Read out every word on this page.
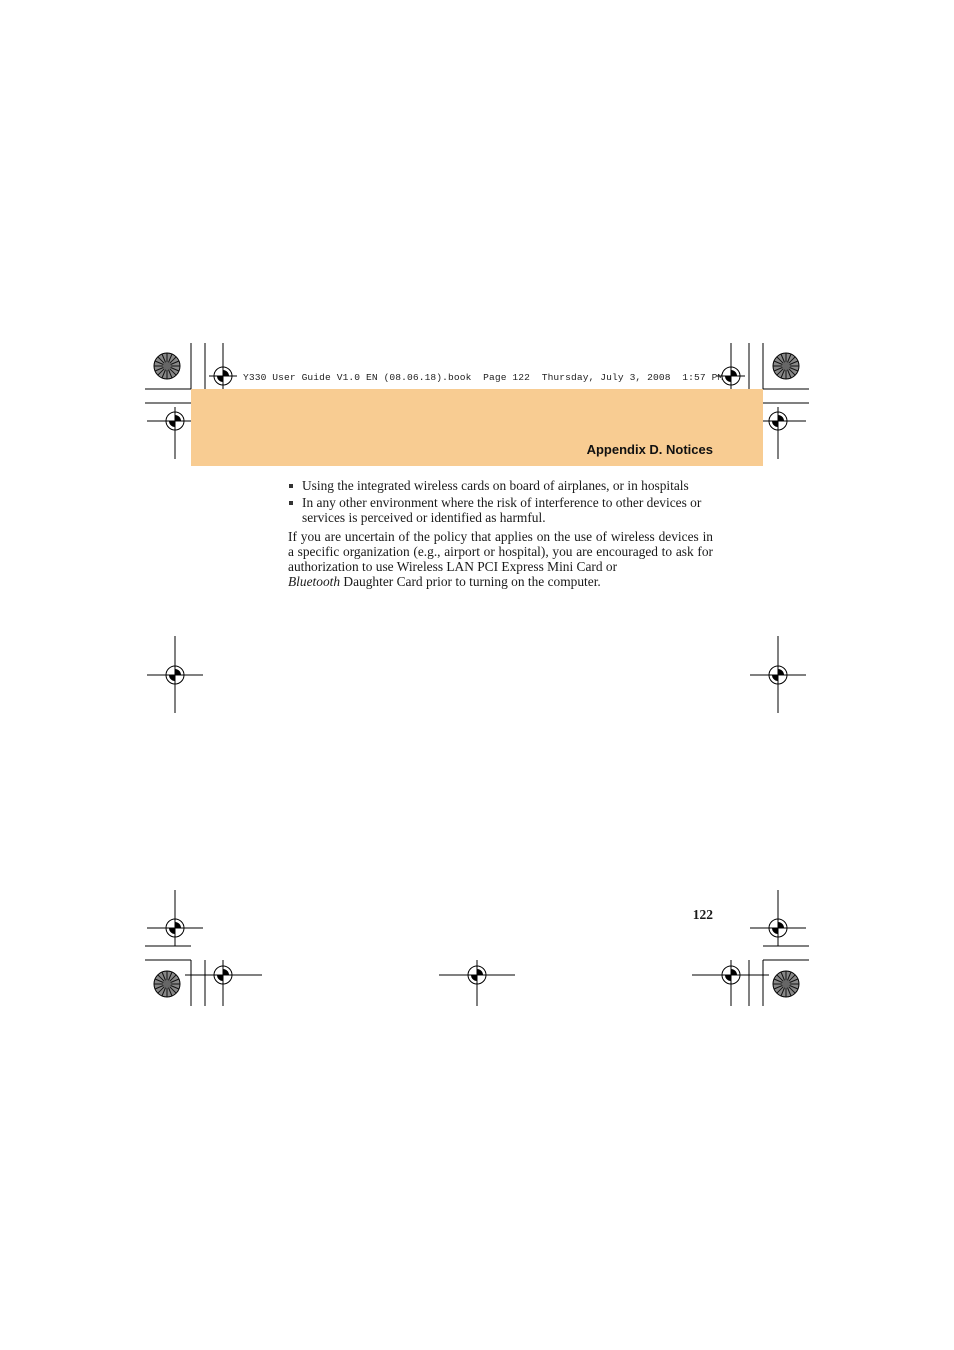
Y330 User Guide V1.0 EN (08.06.18).book  Page 122  Thursday, July 3, 2008  1:57 PM
Appendix D. Notices
Using the integrated wireless cards on board of airplanes, or in hospitals
In any other environment where the risk of interference to other devices or services is perceived or identified as harmful.

If you are uncertain of the policy that applies on the use of wireless devices in a specific organization (e.g., airport or hospital), you are encouraged to ask for authorization to use Wireless LAN PCI Express Mini Card or
Bluetooth Daughter Card prior to turning on the computer.

122
